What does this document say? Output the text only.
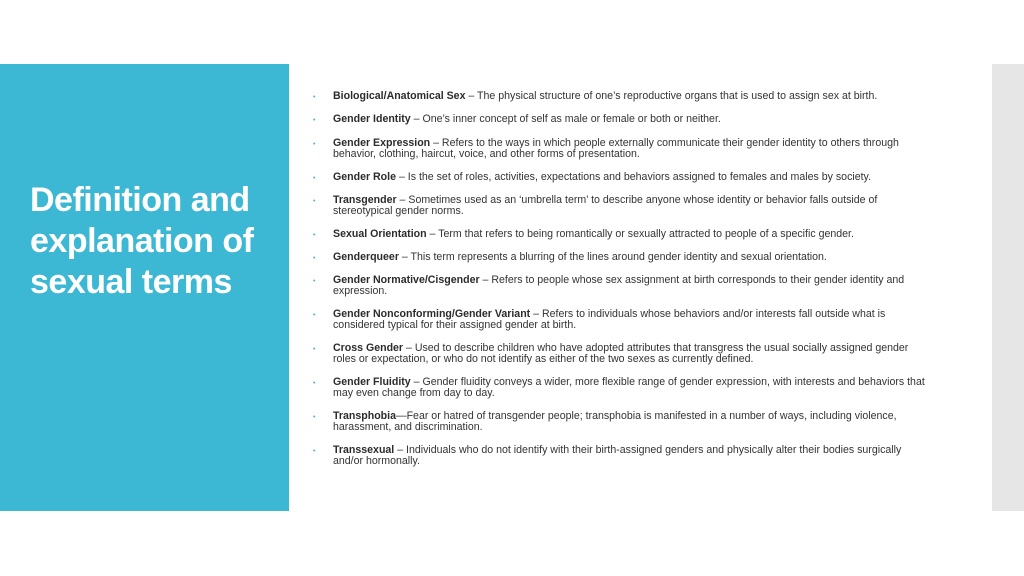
Definition and
explanation of
sexual terms

• Biological/Anatomical Sex – The physical structure of one’s reproductive organs that is used to assign sex at birth.

• Gender Identity – One’s inner concept of self as male or female or both or neither.

• Gender Expression – Refers to the ways in which people externally communicate their gender identity to others through behavior, clothing, haircut, voice, and other forms of presentation.

• Gender Role – Is the set of roles, activities, expectations and behaviors assigned to females and males by society.

• Transgender – Sometimes used as an ‘umbrella term’ to describe anyone whose identity or behavior falls outside of stereotypical gender norms.

• Sexual Orientation – Term that refers to being romantically or sexually attracted to people of a specific gender.

• Genderqueer – This term represents a blurring of the lines around gender identity and sexual orientation.

• Gender Normative/Cisgender – Refers to people whose sex assignment at birth corresponds to their gender identity and expression.

• Gender Nonconforming/Gender Variant – Refers to individuals whose behaviors and/or interests fall outside what is considered typical for their assigned gender at birth.

• Cross Gender – Used to describe children who have adopted attributes that transgress the usual socially assigned gender roles or expectation, or who do not identify as either of the two sexes as currently defined.

• Gender Fluidity – Gender fluidity conveys a wider, more flexible range of gender expression, with interests and behaviors that may even change from day to day.

• Transphobia—Fear or hatred of transgender people; transphobia is manifested in a number of ways, including violence, harassment, and discrimination.

• Transsexual – Individuals who do not identify with their birth-assigned genders and physically alter their bodies surgically and/or hormonally.
